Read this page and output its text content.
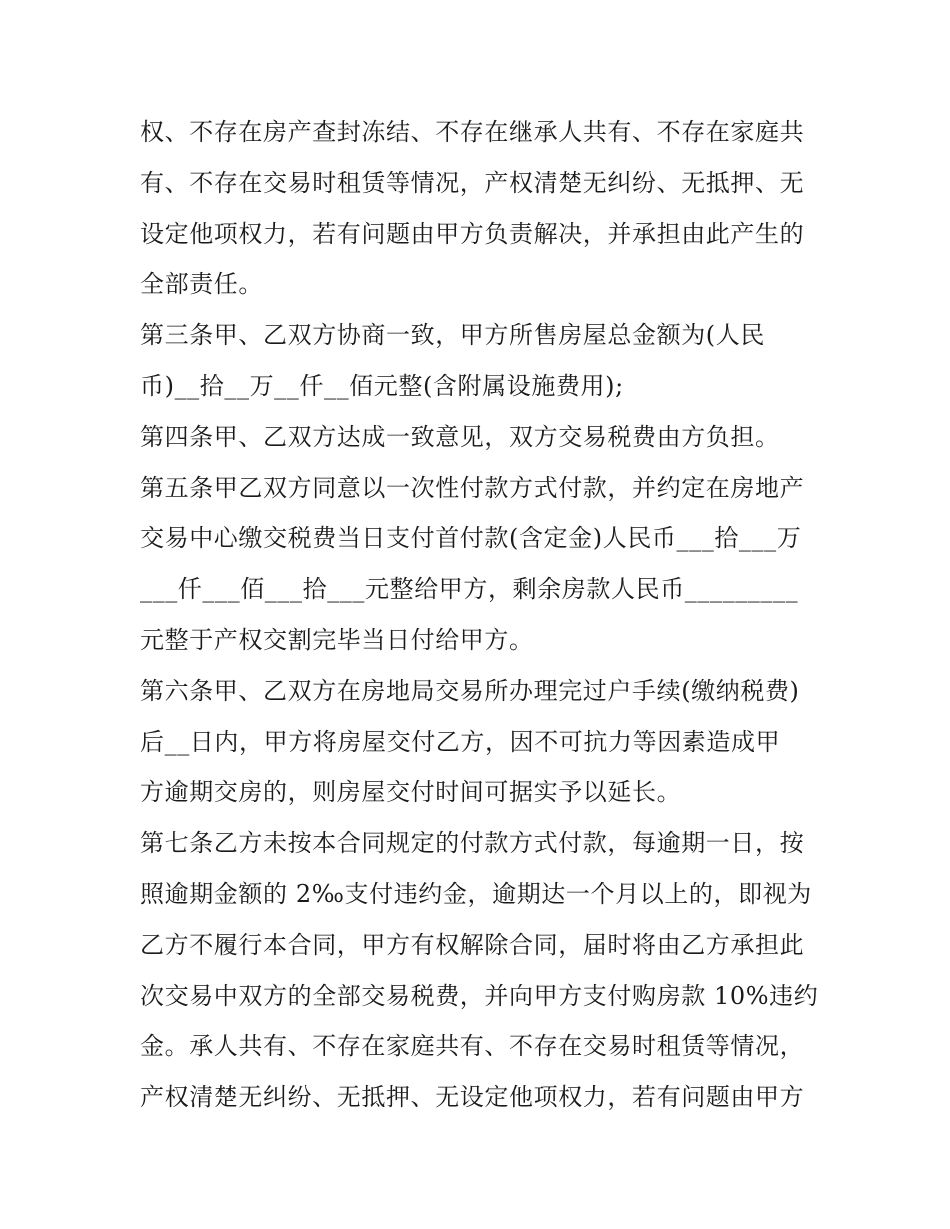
权、不存在房产查封冻结、不存在继承人共有、不存在家庭共
有、不存在交易时租赁等情况，产权清楚无纠纷、无抵押、无
设定他项权力，若有问题由甲方负责解决，并承担由此产生的
全部责任。
第三条甲、乙双方协商一致，甲方所售房屋总金额为(人民
币)__拾__万__仟__佰元整(含附属设施费用);
第四条甲、乙双方达成一致意见，双方交易税费由方负担。
第五条甲乙双方同意以一次性付款方式付款，并约定在房地产
交易中心缴交税费当日支付首付款(含定金)人民币___拾___万
___仟___佰___拾___元整给甲方，剩余房款人民币_________
元整于产权交割完毕当日付给甲方。
第六条甲、乙双方在房地局交易所办理完过户手续(缴纳税费)
后__日内，甲方将房屋交付乙方，因不可抗力等因素造成甲
方逾期交房的，则房屋交付时间可据实予以延长。
第七条乙方未按本合同规定的付款方式付款，每逾期一日，按
照逾期金额的 2‰支付违约金，逾期达一个月以上的，即视为
乙方不履行本合同，甲方有权解除合同，届时将由乙方承担此
次交易中双方的全部交易税费，并向甲方支付购房款 10%违约
金。承人共有、不存在家庭共有、不存在交易时租赁等情况，
产权清楚无纠纷、无抵押、无设定他项权力，若有问题由甲方
